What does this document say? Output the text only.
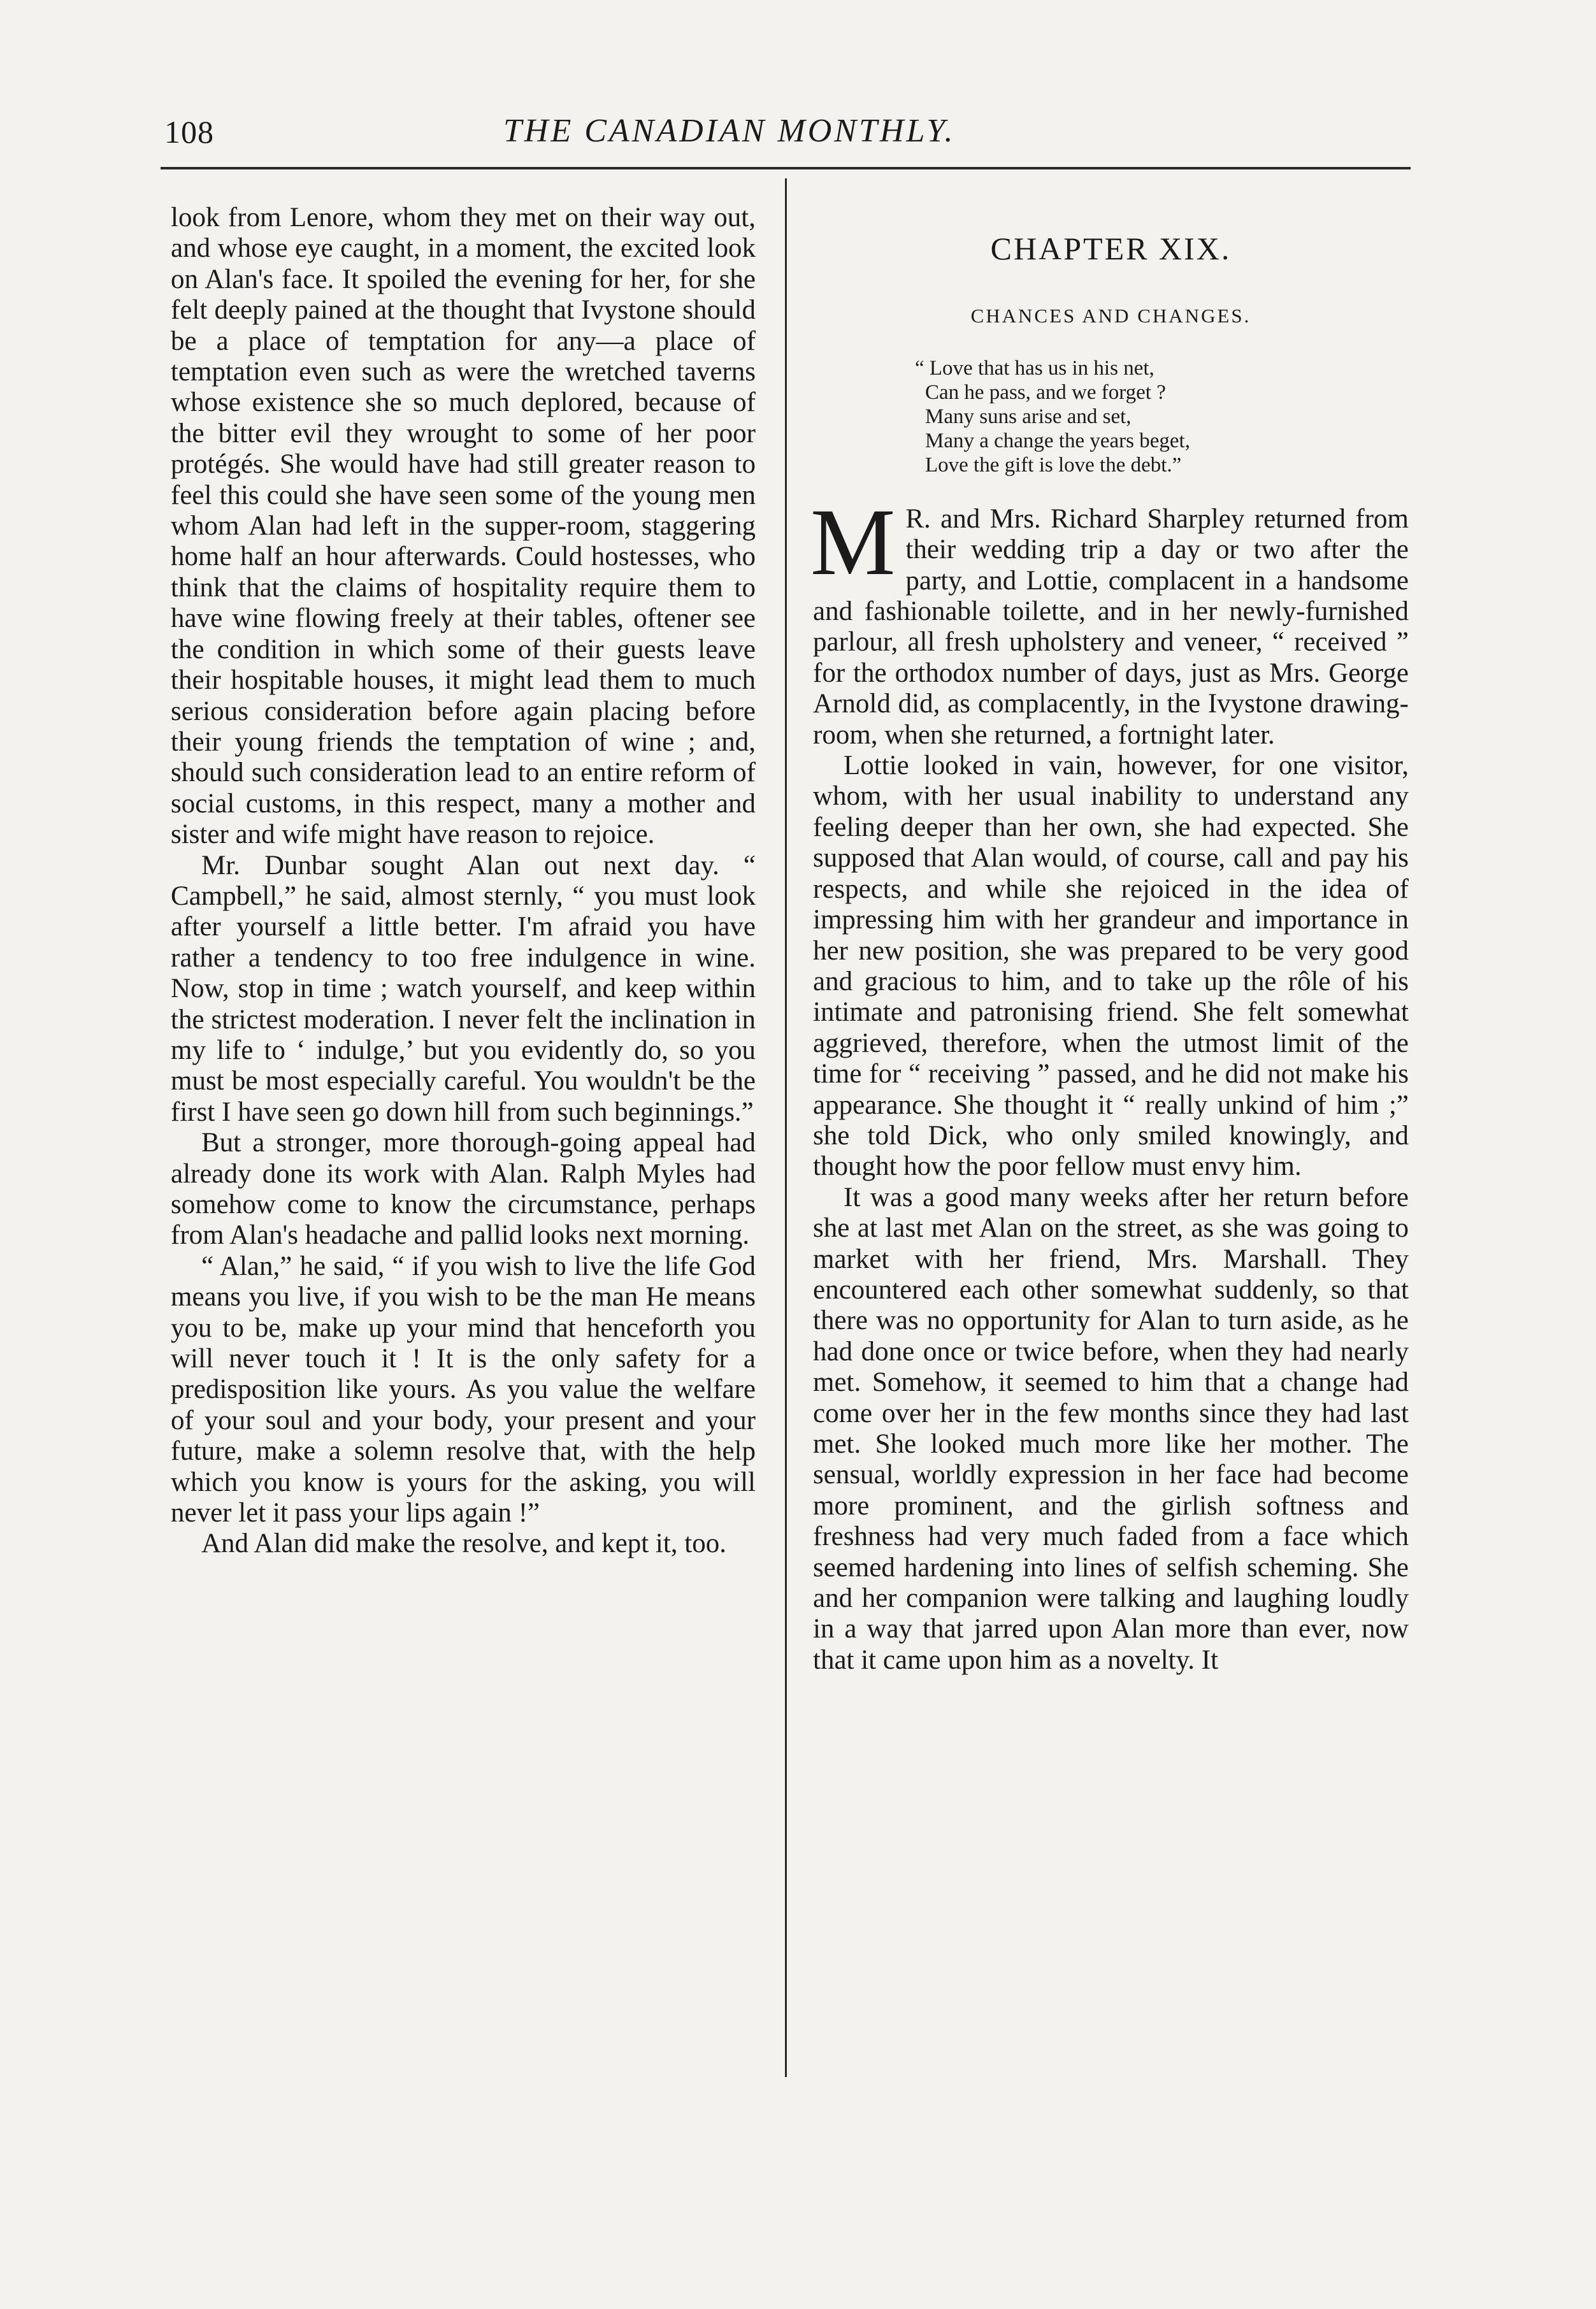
108	THE CANADIAN MONTHLY.

look from Lenore, whom they met on their way out, and whose eye caught, in a moment, the excited look on Alan's face. It spoiled the evening for her, for she felt deeply pained at the thought that Ivystone should be a place of temptation for any—a place of temptation even such as were the wretched taverns whose existence she so much deplored, because of the bitter evil they wrought to some of her poor protégés. She would have had still greater reason to feel this could she have seen some of the young men whom Alan had left in the supper-room, staggering home half an hour afterwards. Could hostesses, who think that the claims of hospitality require them to have wine flowing freely at their tables, oftener see the condition in which some of their guests leave their hospitable houses, it might lead them to much serious consideration before again placing before their young friends the temptation of wine ; and, should such consideration lead to an entire reform of social customs, in this respect, many a mother and sister and wife might have reason to rejoice.

Mr. Dunbar sought Alan out next day. “ Campbell,” he said, almost sternly, “ you must look after yourself a little better. I'm afraid you have rather a tendency to too free indulgence in wine. Now, stop in time ; watch yourself, and keep within the strictest moderation. I never felt the inclination in my life to ‘ indulge,’ but you evidently do, so you must be most especially careful. You wouldn't be the first I have seen go down hill from such beginnings.”

But a stronger, more thorough-going appeal had already done its work with Alan. Ralph Myles had somehow come to know the circumstance, perhaps from Alan's headache and pallid looks next morning.

“ Alan,” he said, “ if you wish to live the life God means you live, if you wish to be the man He means you to be, make up your mind that henceforth you will never touch it ! It is the only safety for a predisposition like yours. As you value the welfare of your soul and your body, your present and your future, make a solemn resolve that, with the help which you know is yours for the asking, you will never let it pass your lips again !”

And Alan did make the resolve, and kept it, too.

CHAPTER XIX.
CHANCES AND CHANGES.
“ Love that has us in his net,
Can he pass, and we forget ?
Many suns arise and set,
Many a change the years beget,
Love the gift is love the debt.”
M R. and Mrs. Richard Sharpley returned from their wedding trip a day or two after the party, and Lottie, complacent in a handsome and fashionable toilette, and in her newly-furnished parlour, all fresh upholstery and veneer, “ received ” for the orthodox number of days, just as Mrs. George Arnold did, as complacently, in the Ivystone drawing-room, when she returned, a fortnight later.

Lottie looked in vain, however, for one visitor, whom, with her usual inability to understand any feeling deeper than her own, she had expected. She supposed that Alan would, of course, call and pay his respects, and while she rejoiced in the idea of impressing him with her grandeur and importance in her new position, she was prepared to be very good and gracious to him, and to take up the rôle of his intimate and patronising friend. She felt somewhat aggrieved, therefore, when the utmost limit of the time for “ receiving ” passed, and he did not make his appearance. She thought it “ really unkind of him ;” she told Dick, who only smiled knowingly, and thought how the poor fellow must envy him.

It was a good many weeks after her return before she at last met Alan on the street, as she was going to market with her friend, Mrs. Marshall. They encountered each other somewhat suddenly, so that there was no opportunity for Alan to turn aside, as he had done once or twice before, when they had nearly met. Somehow, it seemed to him that a change had come over her in the few months since they had last met. She looked much more like her mother. The sensual, worldly expression in her face had become more prominent, and the girlish softness and freshness had very much faded from a face which seemed hardening into lines of selfish scheming. She and her companion were talking and laughing loudly in a way that jarred upon Alan more than ever, now that it came upon him as a novelty. It
